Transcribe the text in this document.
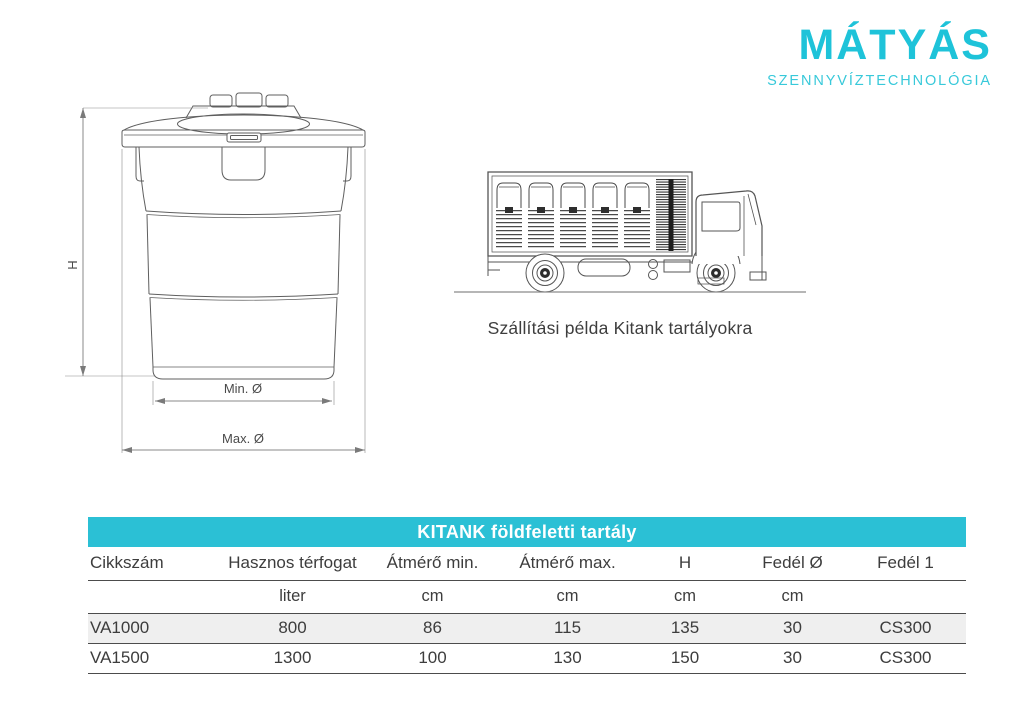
MÁTYÁS
SZENNYVÍZTECHNOLÓGIA
H
Min. Ø
Max. Ø
Szállítási példa Kitank tartályokra
KITANK földfeletti tartály						
Cikkszám	Hasznos térfogat	Átmérő min.	Átmérő max.	H	Fedél Ø	Fedél 1
	liter	cm	cm	cm	cm	
VA1000	800	86	115	135	30	CS300
VA1500	1300	100	130	150	30	CS300
